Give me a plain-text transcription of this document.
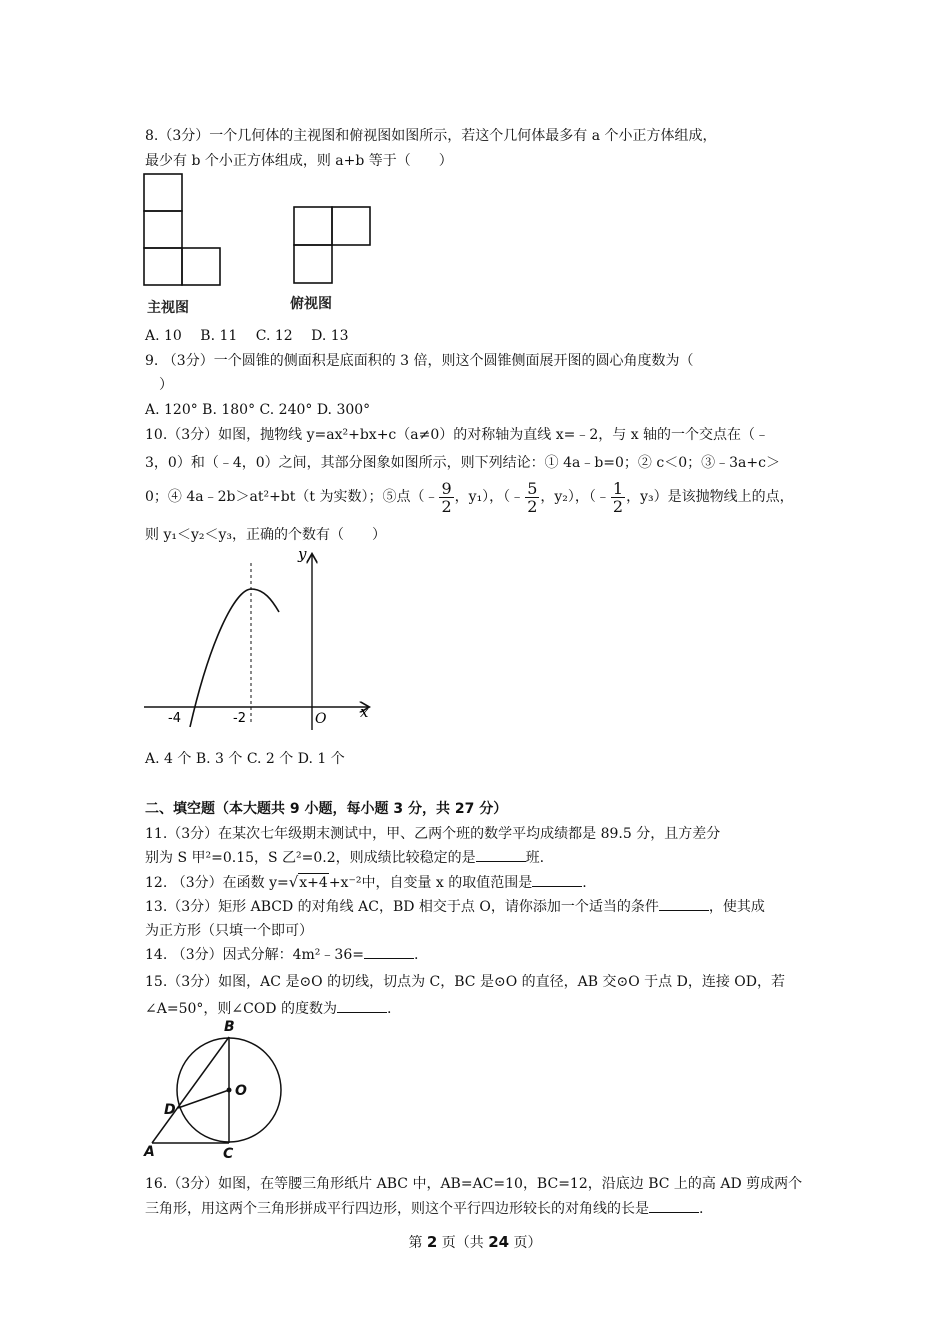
8.（3分）一个几何体的主视图和俯视图如图所示，若这个几何体最多有 a 个小正方体组成，
最少有 b 个小正方体组成，则 a+b 等于（　　）
主视图	俯视图
A. 10　 B. 11　 C. 12　 D. 13
9. （3分）一个圆锥的侧面积是底面积的 3 倍，则这个圆锥侧面展开图的圆心角度数为（
　）
A. 120° B. 180° C. 240° D. 300°
10.（3分）如图，抛物线 y=ax²+bx+c（a≠0）的对称轴为直线 x=﹣2，与 x 轴的一个交点在（﹣
3，0）和（﹣4，0）之间，其部分图象如图所示，则下列结论：① 4a﹣b=0；② c＜0；③﹣3a+c＞
0；④ 4a﹣2b＞at²+bt（t 为实数）；⑤点（﹣ $\frac{9}{2}$ ，y₁），（﹣ $\frac{5}{2}$ ，y₂），（﹣ $\frac{1}{2}$ ，y₃）是该抛物线上的点，
则 y₁＜y₂＜y₃，正确的个数有（　　）
y
x
-4	-2	O
A. 4 个 B. 3 个 C. 2 个 D. 1 个
二、填空题（本大题共 9 小题，每小题 3 分，共 27 分）
11.（3分）在某次七年级期末测试中，甲、乙两个班的数学平均成绩都是 89.5 分，且方差分
别为 S 甲²=0.15，S 乙²=0.2，则成绩比较稳定的是	班.
12. （3分）在函数 y=√x+4+x⁻²中，自变量 x 的取值范围是	.
13.（3分）矩形 ABCD 的对角线 AC，BD 相交于点 O，请你添加一个适当的条件	，使其成
为正方形（只填一个即可）
14. （3分）因式分解：4m²﹣36=	.
15.（3分）如图，AC 是⊙O 的切线，切点为 C，BC 是⊙O 的直径，AB 交⊙O 于点 D，连接 OD，若
∠A=50°，则∠COD 的度数为	.
B
O
D
A	C
16.（3分）如图，在等腰三角形纸片 ABC 中，AB=AC=10，BC=12，沿底边 BC 上的高 AD 剪成两个
三角形，用这两个三角形拼成平行四边形，则这个平行四边形较长的对角线的长是	.
第 2 页（共 24 页）
